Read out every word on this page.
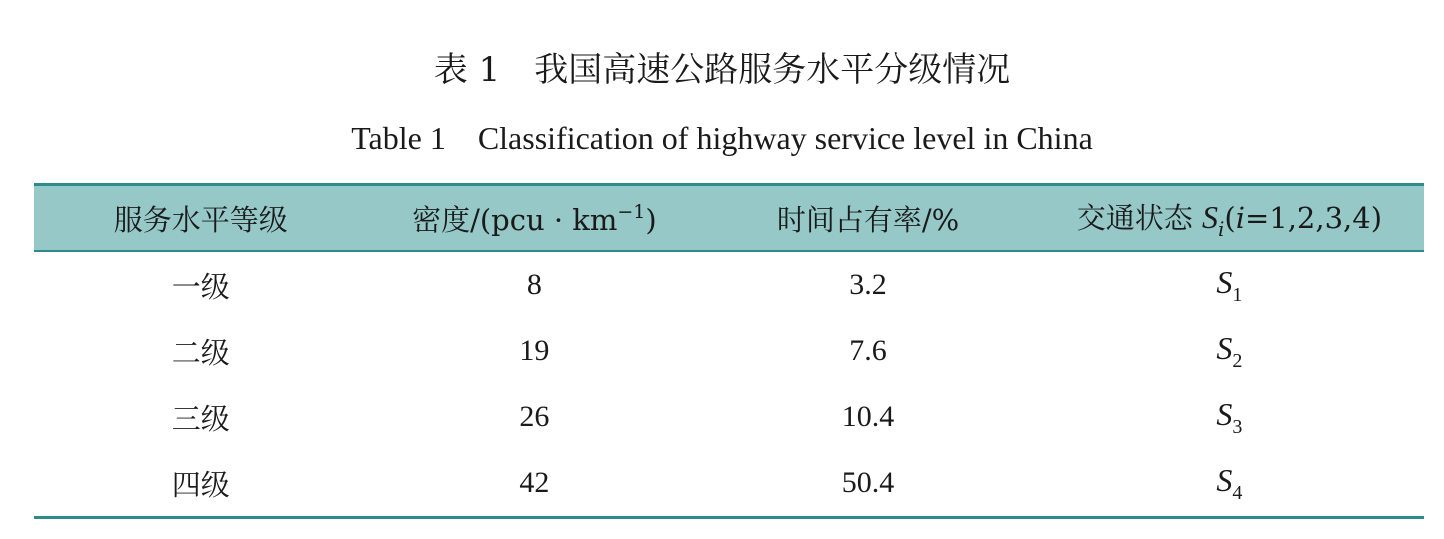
表 1　我国高速公路服务水平分级情况
Table 1　Classification of highway service level in China
服务水平等级	密度$/(pcu \cdot km^{-1})$	时间占有率/%	交通状态 $S_i(i=1,2,3,4)$
一级	8	3.2	$S_1$
二级	19	7.6	$S_2$
三级	26	10.4	$S_3$
四级	42	50.4	$S_4$
